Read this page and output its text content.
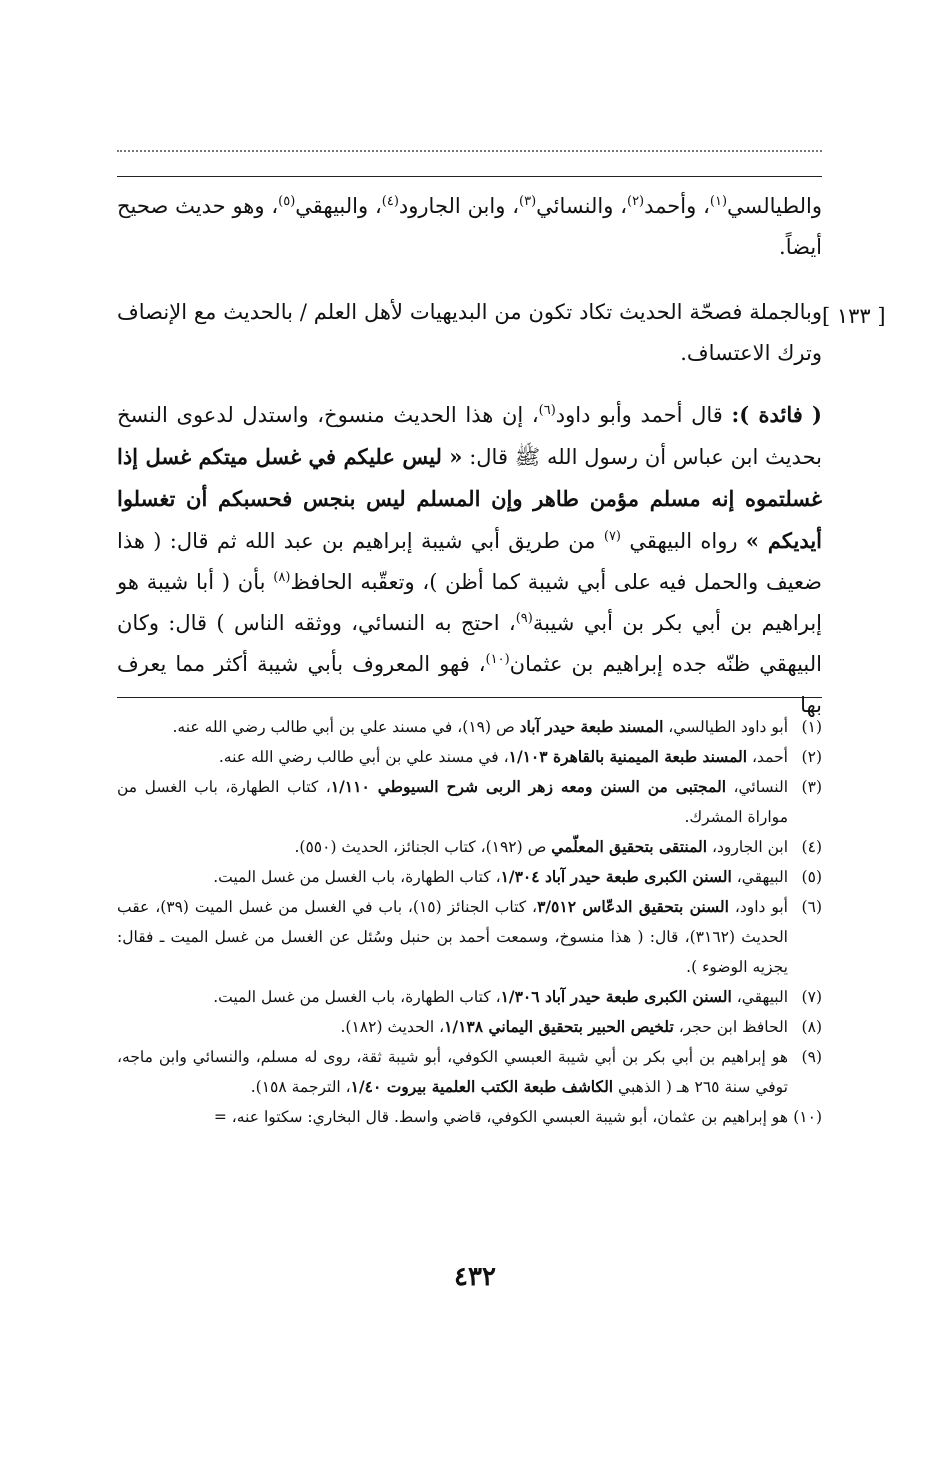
والطيالسي$^{(١)}$، وأحمد$^{(٢)}$، والنسائي$^{(٣)}$، وابن الجارود$^{(٤)}$، والبيهقي$^{(٥)}$، وهو حديث صحيح أيضاً.

[ ١٣٣ ]

وبالجملة فصحّة الحديث تكاد تكون من البديهيات لأهل العلم / بالحديث مع الإنصاف وترك الاعتساف.

( فائدة ): قال أحمد وأبو داود$^{(٦)}$، إن هذا الحديث منسوخ، واستدل لدعوى النسخ بحديث ابن عباس أن رسول الله ﷺ قال: « ليس عليكم في غسل ميتكم غسل إذا غسلتموه إنه مسلم مؤمن طاهر وإن المسلم ليس بنجس فحسبكم أن تغسلوا أيديكم » رواه البيهقي $^{(٧)}$ من طريق أبي شيبة إبراهيم بن عبد الله ثم قال: ( هذا ضعيف والحمل فيه على أبي شيبة كما أظن )، وتعقّبه الحافظ$^{(٨)}$ بأن ( أبا شيبة هو إبراهيم بن أبي بكر بن أبي شيبة$^{(٩)}$، احتج به النسائي، ووثقه الناس ) قال: وكان البيهقي ظنّه جده إبراهيم بن عثمان$^{(١٠)}$، فهو المعروف بأبي شيبة أكثر مما يعرف بها

(١)
أبو داود الطيالسي، المسند طبعة حيدر آباد ص (١٩)، في مسند علي بن أبي طالب رضي الله عنه.
(٢)
أحمد، المسند طبعة الميمنية بالقاهرة ١/١٠٣، في مسند علي بن أبي طالب رضي الله عنه.
(٣)
النسائي، المجتبى من السنن ومعه زهر الربى شرح السيوطي ١/١١٠، كتاب الطهارة، باب الغسل من مواراة المشرك.
(٤)
ابن الجارود، المنتقى بتحقيق المعلّمي ص (١٩٢)، كتاب الجنائز، الحديث (٥٥٠).
(٥)
البيهقي، السنن الكبرى طبعة حيدر آباد ١/٣٠٤، كتاب الطهارة، باب الغسل من غسل الميت.
(٦)
أبو داود، السنن بتحقيق الدعّاس ٣/٥١٢، كتاب الجنائز (١٥)، باب في الغسل من غسل الميت (٣٩)، عقب الحديث (٣١٦٢)، قال: ( هذا منسوخ، وسمعت أحمد بن حنبل وسُئل عن الغسل من غسل الميت ـ فقال: يجزيه الوضوء ).
(٧)
البيهقي، السنن الكبرى طبعة حيدر آباد ١/٣٠٦، كتاب الطهارة، باب الغسل من غسل الميت.
(٨)
الحافظ ابن حجر، تلخيص الحبير بتحقيق اليماني ١/١٣٨، الحديث (١٨٢).
(٩)
هو إبراهيم بن أبي بكر بن أبي شيبة العبسي الكوفي، أبو شيبة ثقة، روى له مسلم، والنسائي وابن ماجه، توفي سنة ٢٦٥ هـ ( الذهبي الكاشف طبعة الكتب العلمية بيروت ١/٤٠، الترجمة ١٥٨).
(١٠)
هو إبراهيم بن عثمان، أبو شيبة العبسي الكوفي، قاضي واسط. قال البخاري: سكتوا عنه، =
٤٣٢
